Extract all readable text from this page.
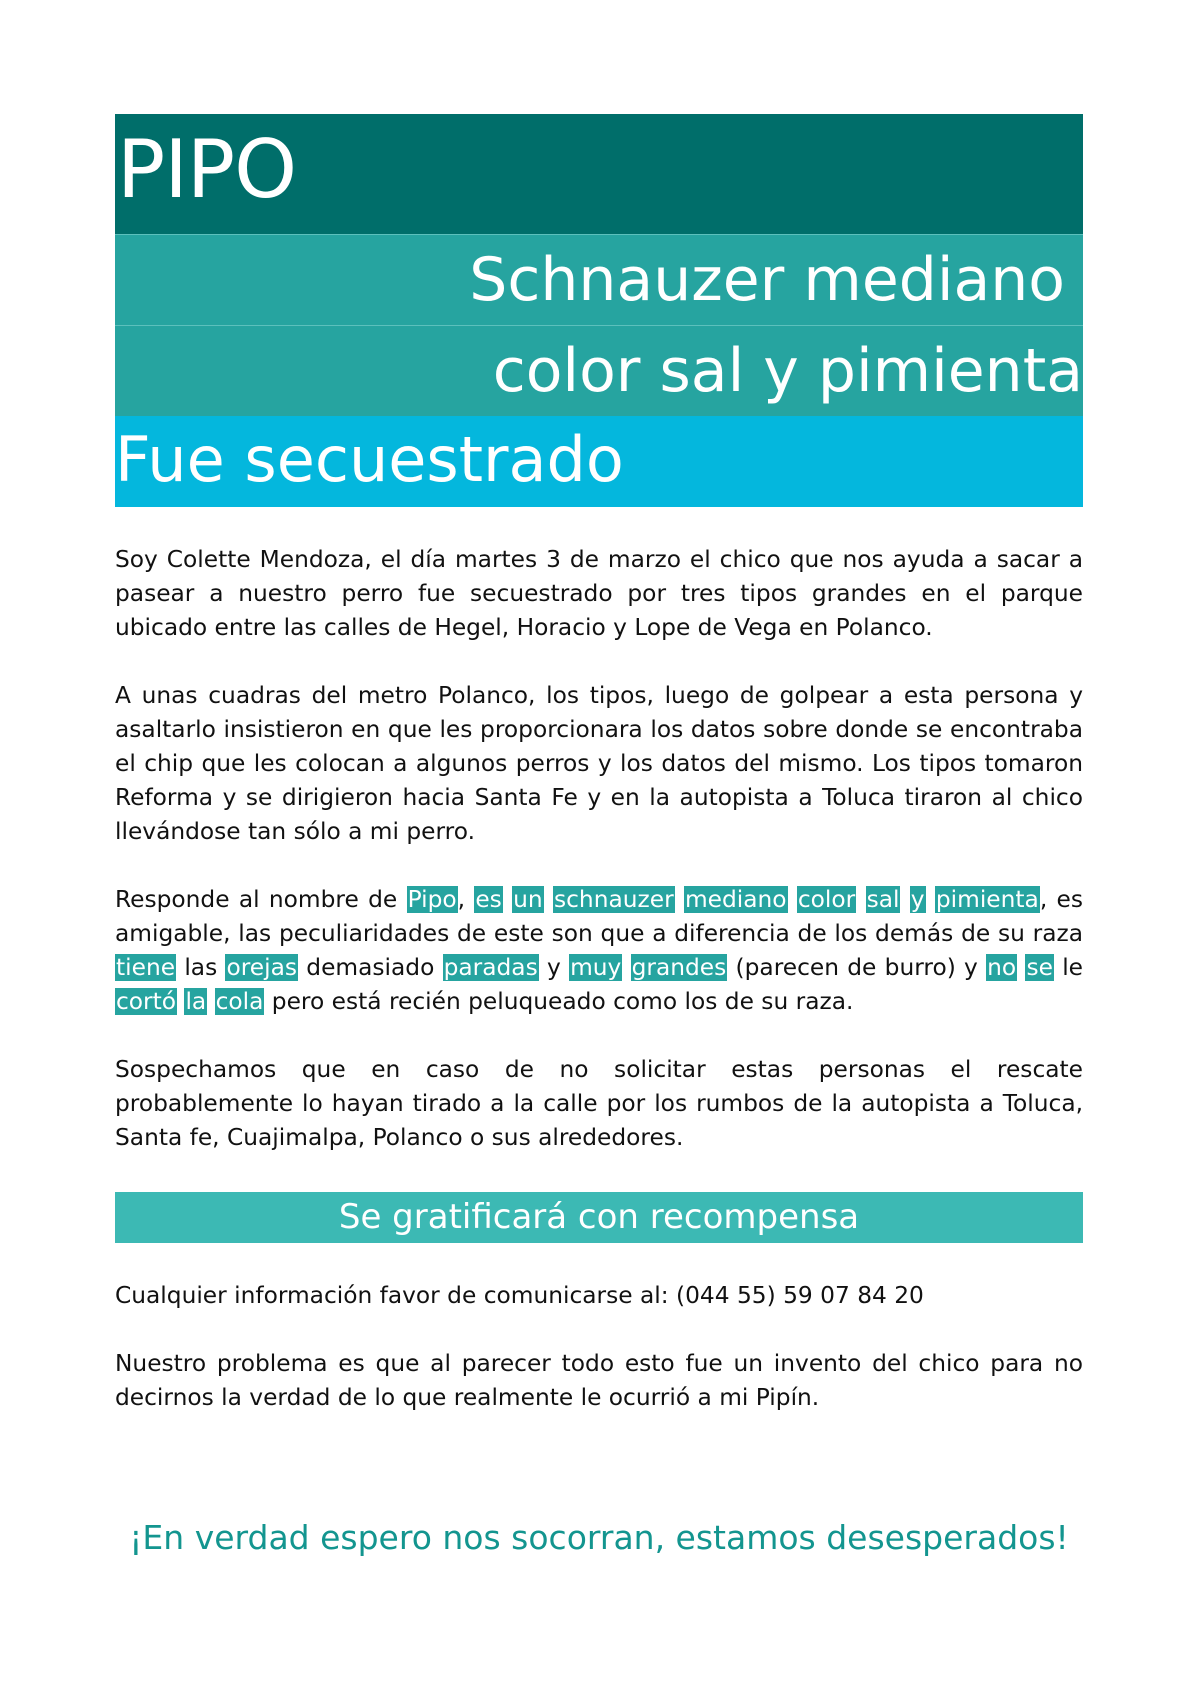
PIPO
Schnauzer mediano
color sal y pimienta
Fue secuestrado

Soy Colette Mendoza, el día martes 3 de marzo el chico que nos ayuda a sacar a pasear a nuestro perro fue secuestrado por tres tipos grandes en el parque ubicado entre las calles de Hegel, Horacio y Lope de Vega en Polanco.

A unas cuadras del metro Polanco, los tipos, luego de golpear a esta persona y asaltarlo insistieron en que les proporcionara los datos sobre donde se encontraba el chip que les colocan a algunos perros y los datos del mismo. Los tipos tomaron Reforma y se dirigieron hacia Santa Fe y en la autopista a Toluca tiraron al chico llevándose tan sólo a mi perro.

Responde al nombre de Pipo, es un schnauzer mediano color sal y pimienta, es amigable, las peculiaridades de este son que a diferencia de los demás de su raza tiene las orejas demasiado paradas y muy grandes (parecen de burro) y no se le cortó la cola pero está recién peluqueado como los de su raza.

Sospechamos que en caso de no solicitar estas personas el rescate probablemente lo hayan tirado a la calle por los rumbos de la autopista a Toluca, Santa fe, Cuajimalpa, Polanco o sus alrededores.

Se gratificará con recompensa

Cualquier información favor de comunicarse al: (044 55) 59 07 84 20

Nuestro problema es que al parecer todo esto fue un invento del chico para no decirnos la verdad de lo que realmente le ocurrió a mi Pipín.

¡En verdad espero nos socorran, estamos desesperados!
